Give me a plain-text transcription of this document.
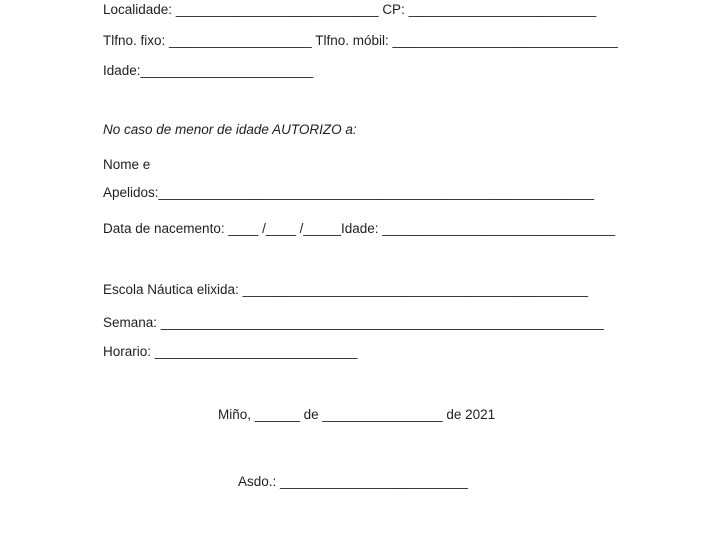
Localidade: ___________________________ CP: _________________________
Tlfno. fixo: ___________________ Tlfno. móbil: ______________________________
Idade:_______________________
No caso de menor de idade AUTORIZO a:
Nome e
Apelidos:__________________________________________________________
Data de nacemento: ____ /____ /_____Idade: _______________________________
Escola Náutica elixida: ______________________________________________
Semana: ___________________________________________________________
Horario: ___________________________
Miño, ______ de ________________ de 2021
Asdo.: _________________________
